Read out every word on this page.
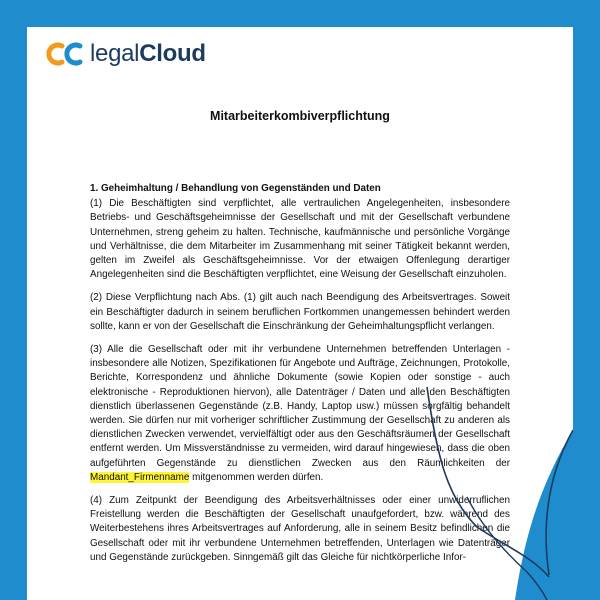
legalCloud
Mitarbeiterkombiverpflichtung
1. Geheimhaltung / Behandlung von Gegenständen und Daten

(1) Die Beschäftigten sind verpflichtet, alle vertraulichen Angelegenheiten, insbesondere Betriebs- und Geschäftsgeheimnisse der Gesellschaft und mit der Gesellschaft verbundene Unternehmen, streng geheim zu halten. Technische, kaufmännische und persönliche Vorgänge und Verhältnisse, die dem Mitarbeiter im Zusammenhang mit seiner Tätigkeit bekannt werden, gelten im Zweifel als Geschäftsgeheimnisse. Vor der etwaigen Offenlegung derartiger Angelegenheiten sind die Beschäftigten verpflichtet, eine Weisung der Gesellschaft einzuholen.

(2) Diese Verpflichtung nach Abs. (1) gilt auch nach Beendigung des Arbeitsvertrages. Soweit ein Beschäftigter dadurch in seinem beruflichen Fortkommen unangemessen behindert werden sollte, kann er von der Gesellschaft die Einschränkung der Geheimhaltungspflicht verlangen.

(3) Alle die Gesellschaft oder mit ihr verbundene Unternehmen betreffenden Unterlagen - insbesondere alle Notizen, Spezifikationen für Angebote und Aufträge, Zeichnungen, Protokolle, Berichte, Korrespondenz und ähnliche Dokumente (sowie Kopien oder sonstige - auch elektronische - Reproduktionen hiervon), alle Datenträger / Daten und alle den Beschäftigten dienstlich überlassenen Gegenstände (z.B. Handy, Laptop usw.) müssen sorgfältig behandelt werden. Sie dürfen nur mit vorheriger schriftlicher Zustimmung der Gesellschaft zu anderen als dienstlichen Zwecken verwendet, vervielfältigt oder aus den Geschäftsräumen der Gesellschaft entfernt werden. Um Missverständnisse zu vermeiden, wird darauf hingewiesen, dass die oben aufgeführten Gegenstände zu dienstlichen Zwecken aus den Räumlichkeiten der Mandant_Firmenname mitgenommen werden dürfen.

(4) Zum Zeitpunkt der Beendigung des Arbeitsverhältnisses oder einer unwiderruflichen Freistellung werden die Beschäftigten der Gesellschaft unaufgefordert, bzw. während des Weiterbestehens ihres Arbeitsvertrages auf Anforderung, alle in seinem Besitz befindlichen die Gesellschaft oder mit ihr verbundene Unternehmen betreffenden, Unterlagen wie Datenträger und Gegenstände zurückgeben. Sinngemäß gilt das Gleiche für nichtkörperliche Infor-
